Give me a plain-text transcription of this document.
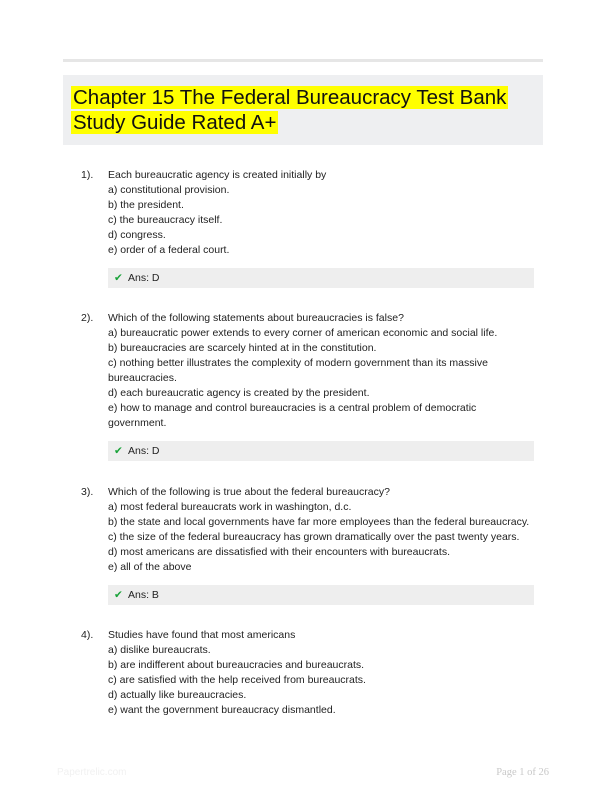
Chapter 15 The Federal Bureaucracy Test Bank Study Guide Rated A+
1). Each bureaucratic agency is created initially by
a) constitutional provision.
b) the president.
c) the bureaucracy itself.
d) congress.
e) order of a federal court.
✔ Ans: D
2). Which of the following statements about bureaucracies is false?
a) bureaucratic power extends to every corner of american economic and social life.
b) bureaucracies are scarcely hinted at in the constitution.
c) nothing better illustrates the complexity of modern government than its massive
bureaucracies.
d) each bureaucratic agency is created by the president.
e) how to manage and control bureaucracies is a central problem of democratic
government.
✔ Ans: D
3). Which of the following is true about the federal bureaucracy?
a) most federal bureaucrats work in washington, d.c.
b) the state and local governments have far more employees than the federal bureaucracy.
c) the size of the federal bureaucracy has grown dramatically over the past twenty years.
d) most americans are dissatisfied with their encounters with bureaucrats.
e) all of the above
✔ Ans: B
4). Studies have found that most americans
a) dislike bureaucrats.
b) are indifferent about bureaucracies and bureaucrats.
c) are satisfied with the help received from bureaucrats.
d) actually like bureaucracies.
e) want the government bureaucracy dismantled.
Papertrelic.com	Page 1 of 26
